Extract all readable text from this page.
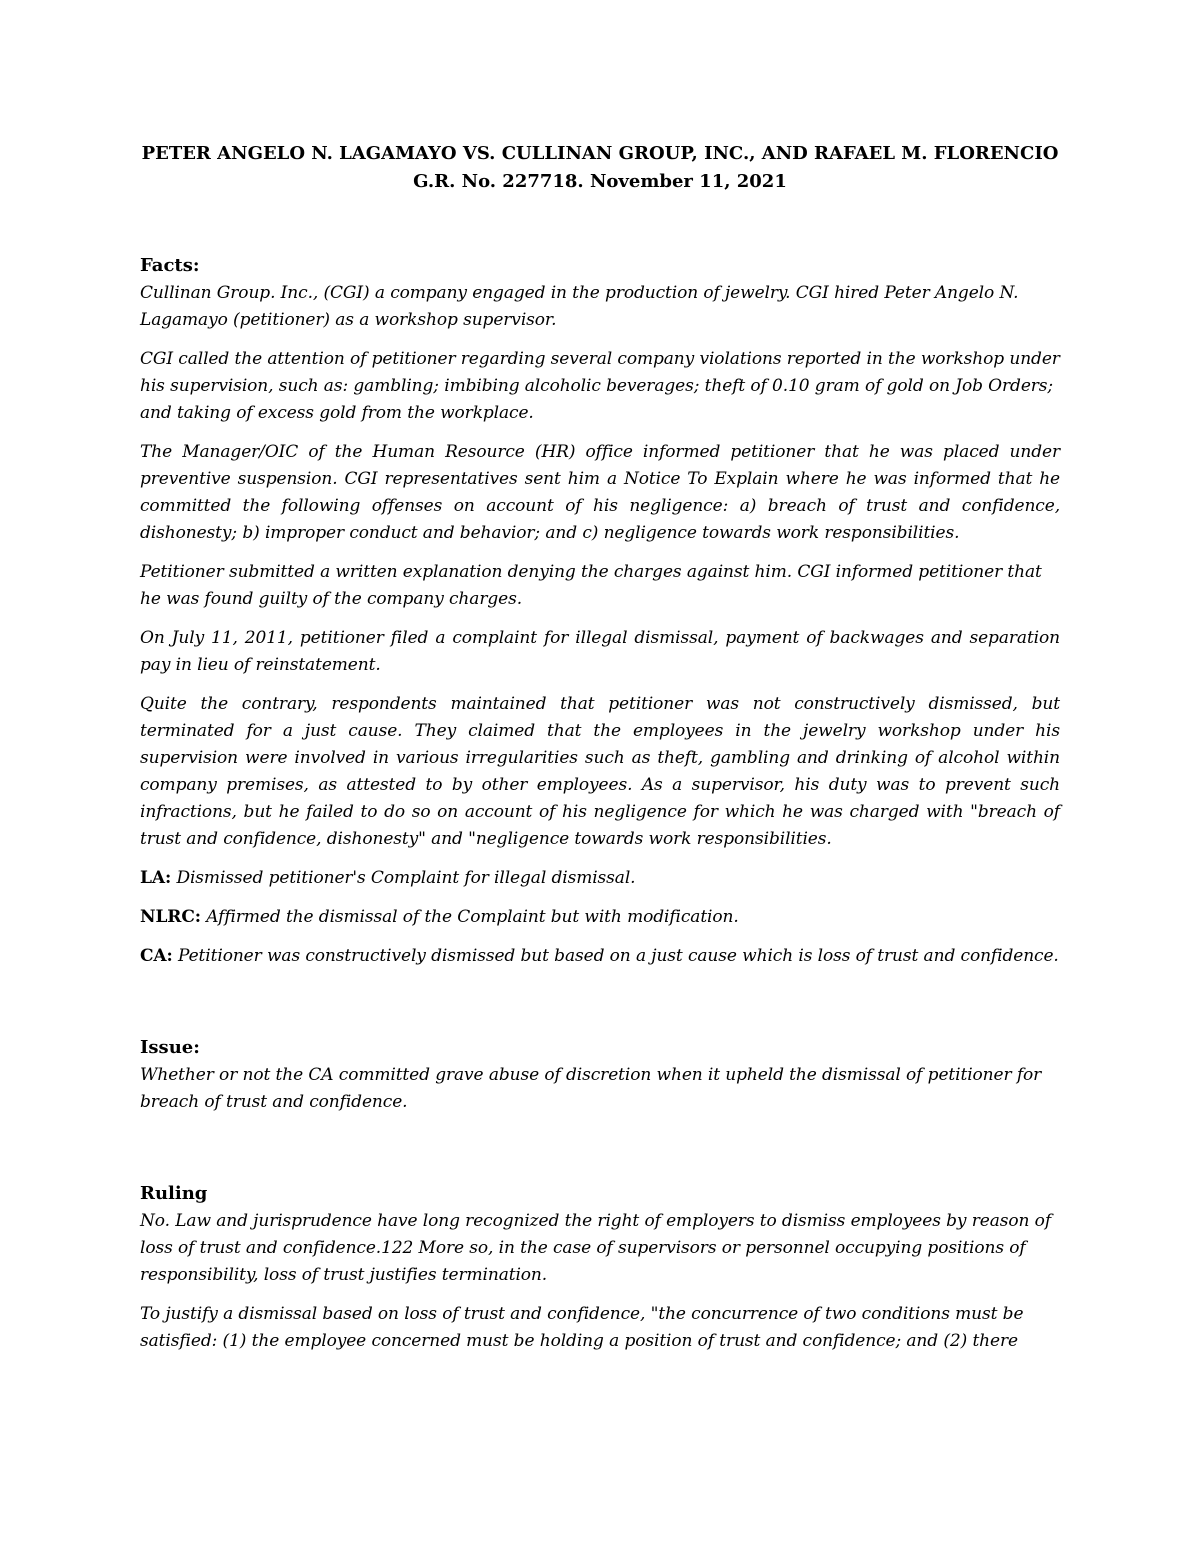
PETER ANGELO N. LAGAMAYO VS. CULLINAN GROUP, INC., AND RAFAEL M. FLORENCIO

G.R. No. 227718. November 11, 2021

Facts:

Cullinan Group. Inc., (CGI) a company engaged in the production of jewelry. CGI hired Peter Angelo N. Lagamayo (petitioner) as a workshop supervisor.

CGI called the attention of petitioner regarding several company violations reported in the workshop under his supervision, such as: gambling; imbibing alcoholic beverages; theft of 0.10 gram of gold on Job Orders; and taking of excess gold from the workplace.

The Manager/OIC of the Human Resource (HR) office informed petitioner that he was placed under preventive suspension. CGI representatives sent him a Notice To Explain where he was informed that he committed the following offenses on account of his negligence: a) breach of trust and confidence, dishonesty; b) improper conduct and behavior; and c) negligence towards work responsibilities.

Petitioner submitted a written explanation denying the charges against him. CGI informed petitioner that he was found guilty of the company charges.

On July 11, 2011, petitioner filed a complaint for illegal dismissal, payment of backwages and separation pay in lieu of reinstatement.

Quite the contrary, respondents maintained that petitioner was not constructively dismissed, but terminated for a just cause. They claimed that the employees in the jewelry workshop under his supervision were involved in various irregularities such as theft, gambling and drinking of alcohol within company premises, as attested to by other employees. As a supervisor, his duty was to prevent such infractions, but he failed to do so on account of his negligence for which he was charged with "breach of trust and confidence, dishonesty" and "negligence towards work responsibilities.

LA: Dismissed petitioner's Complaint for illegal dismissal.

NLRC: Affirmed the dismissal of the Complaint but with modification.

CA: Petitioner was constructively dismissed but based on a just cause which is loss of trust and confidence.

Issue:

Whether or not the CA committed grave abuse of discretion when it upheld the dismissal of petitioner for breach of trust and confidence.

Ruling

No. Law and jurisprudence have long recognized the right of employers to dismiss employees by reason of loss of trust and confidence.122 More so, in the case of supervisors or personnel occupying positions of responsibility, loss of trust justifies termination.

To justify a dismissal based on loss of trust and confidence, "the concurrence of two conditions must be satisfied: (1) the employee concerned must be holding a position of trust and confidence; and (2) there
